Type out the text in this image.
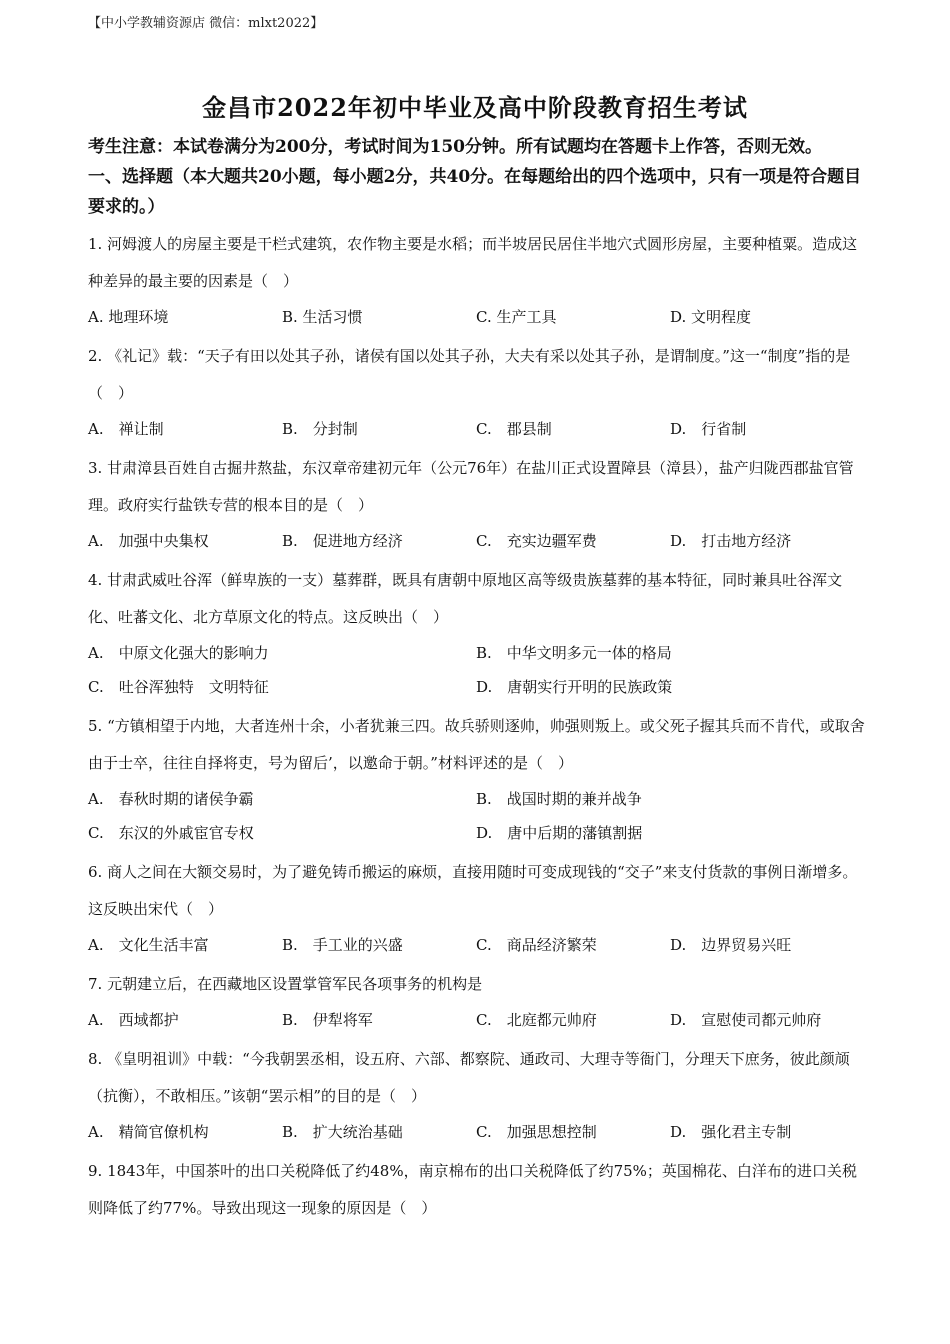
【中小学教辅资源店 微信：mlxt2022】
金昌市2022年初中毕业及高中阶段教育招生考试

考生注意：本试卷满分为200分，考试时间为150分钟。所有试题均在答题卡上作答，否则无效。

一、选择题（本大题共20小题，每小题2分，共40分。在每题给出的四个选项中，只有一项是符合题目要求的。）

1. 河姆渡人的房屋主要是干栏式建筑，农作物主要是水稻；而半坡居民居住半地穴式圆形房屋，主要种植粟。造成这种差异的最主要的因素是（　）

A. 地理环境	B. 生活习惯	C. 生产工具	D. 文明程度

2. 《礼记》载：“天子有田以处其子孙，诸侯有国以处其子孙，大夫有采以处其子孙，是谓制度。”这一“制度”指的是（　）

A.　禅让制	B.　分封制	C.　郡县制	D.　行省制

3. 甘肃漳县百姓自古掘井熬盐，东汉章帝建初元年（公元76年）在盐川正式设置障县（漳县），盐产归陇西郡盐官管理。政府实行盐铁专营的根本目的是（　）

A.　加强中央集权	B.　促进地方经济	C.　充实边疆军费	D.　打击地方经济

4. 甘肃武威吐谷浑（鲜卑族的一支）墓葬群，既具有唐朝中原地区高等级贵族墓葬的基本特征，同时兼具吐谷浑文化、吐蕃文化、北方草原文化的特点。这反映出（　）

A.　中原文化强大的影响力	B.　中华文明多元一体的格局
C.　吐谷浑独特　文明特征	D.　唐朝实行开明的民族政策

5. “方镇相望于内地，大者连州十余，小者犹兼三四。故兵骄则逐帅，帅强则叛上。或父死子握其兵而不肯代，或取舍由于士卒，往往自择将吏，号为留后’，以邀命于朝。”材料评述的是（　）

A.　春秋时期的诸侯争霸	B.　战国时期的兼并战争
C.　东汉的外戚宦官专权	D.　唐中后期的藩镇割据

6. 商人之间在大额交易时，为了避免铸币搬运的麻烦，直接用随时可变成现钱的“交子”来支付货款的事例日渐增多。这反映出宋代（　）

A.　文化生活丰富	B.　手工业的兴盛	C.　商品经济繁荣	D.　边界贸易兴旺

7. 元朝建立后，在西藏地区设置掌管军民各项事务的机构是

A.　西域都护	B.　伊犁将军	C.　北庭都元帅府	D.　宣慰使司都元帅府

8. 《皇明祖训》中载：“今我朝罢丞相，设五府、六部、都察院、通政司、大理寺等衙门，分理天下庶务，彼此颜颃（抗衡），不敢相压。”该朝“罢示相”的目的是（　）

A.　精简官僚机构	B.　扩大统治基础	C.　加强思想控制	D.　强化君主专制

9. 1843年，中国茶叶的出口关税降低了约48%，南京棉布的出口关税降低了约75%；英国棉花、白洋布的进口关税则降低了约77%。导致出现这一现象的原因是（　）
